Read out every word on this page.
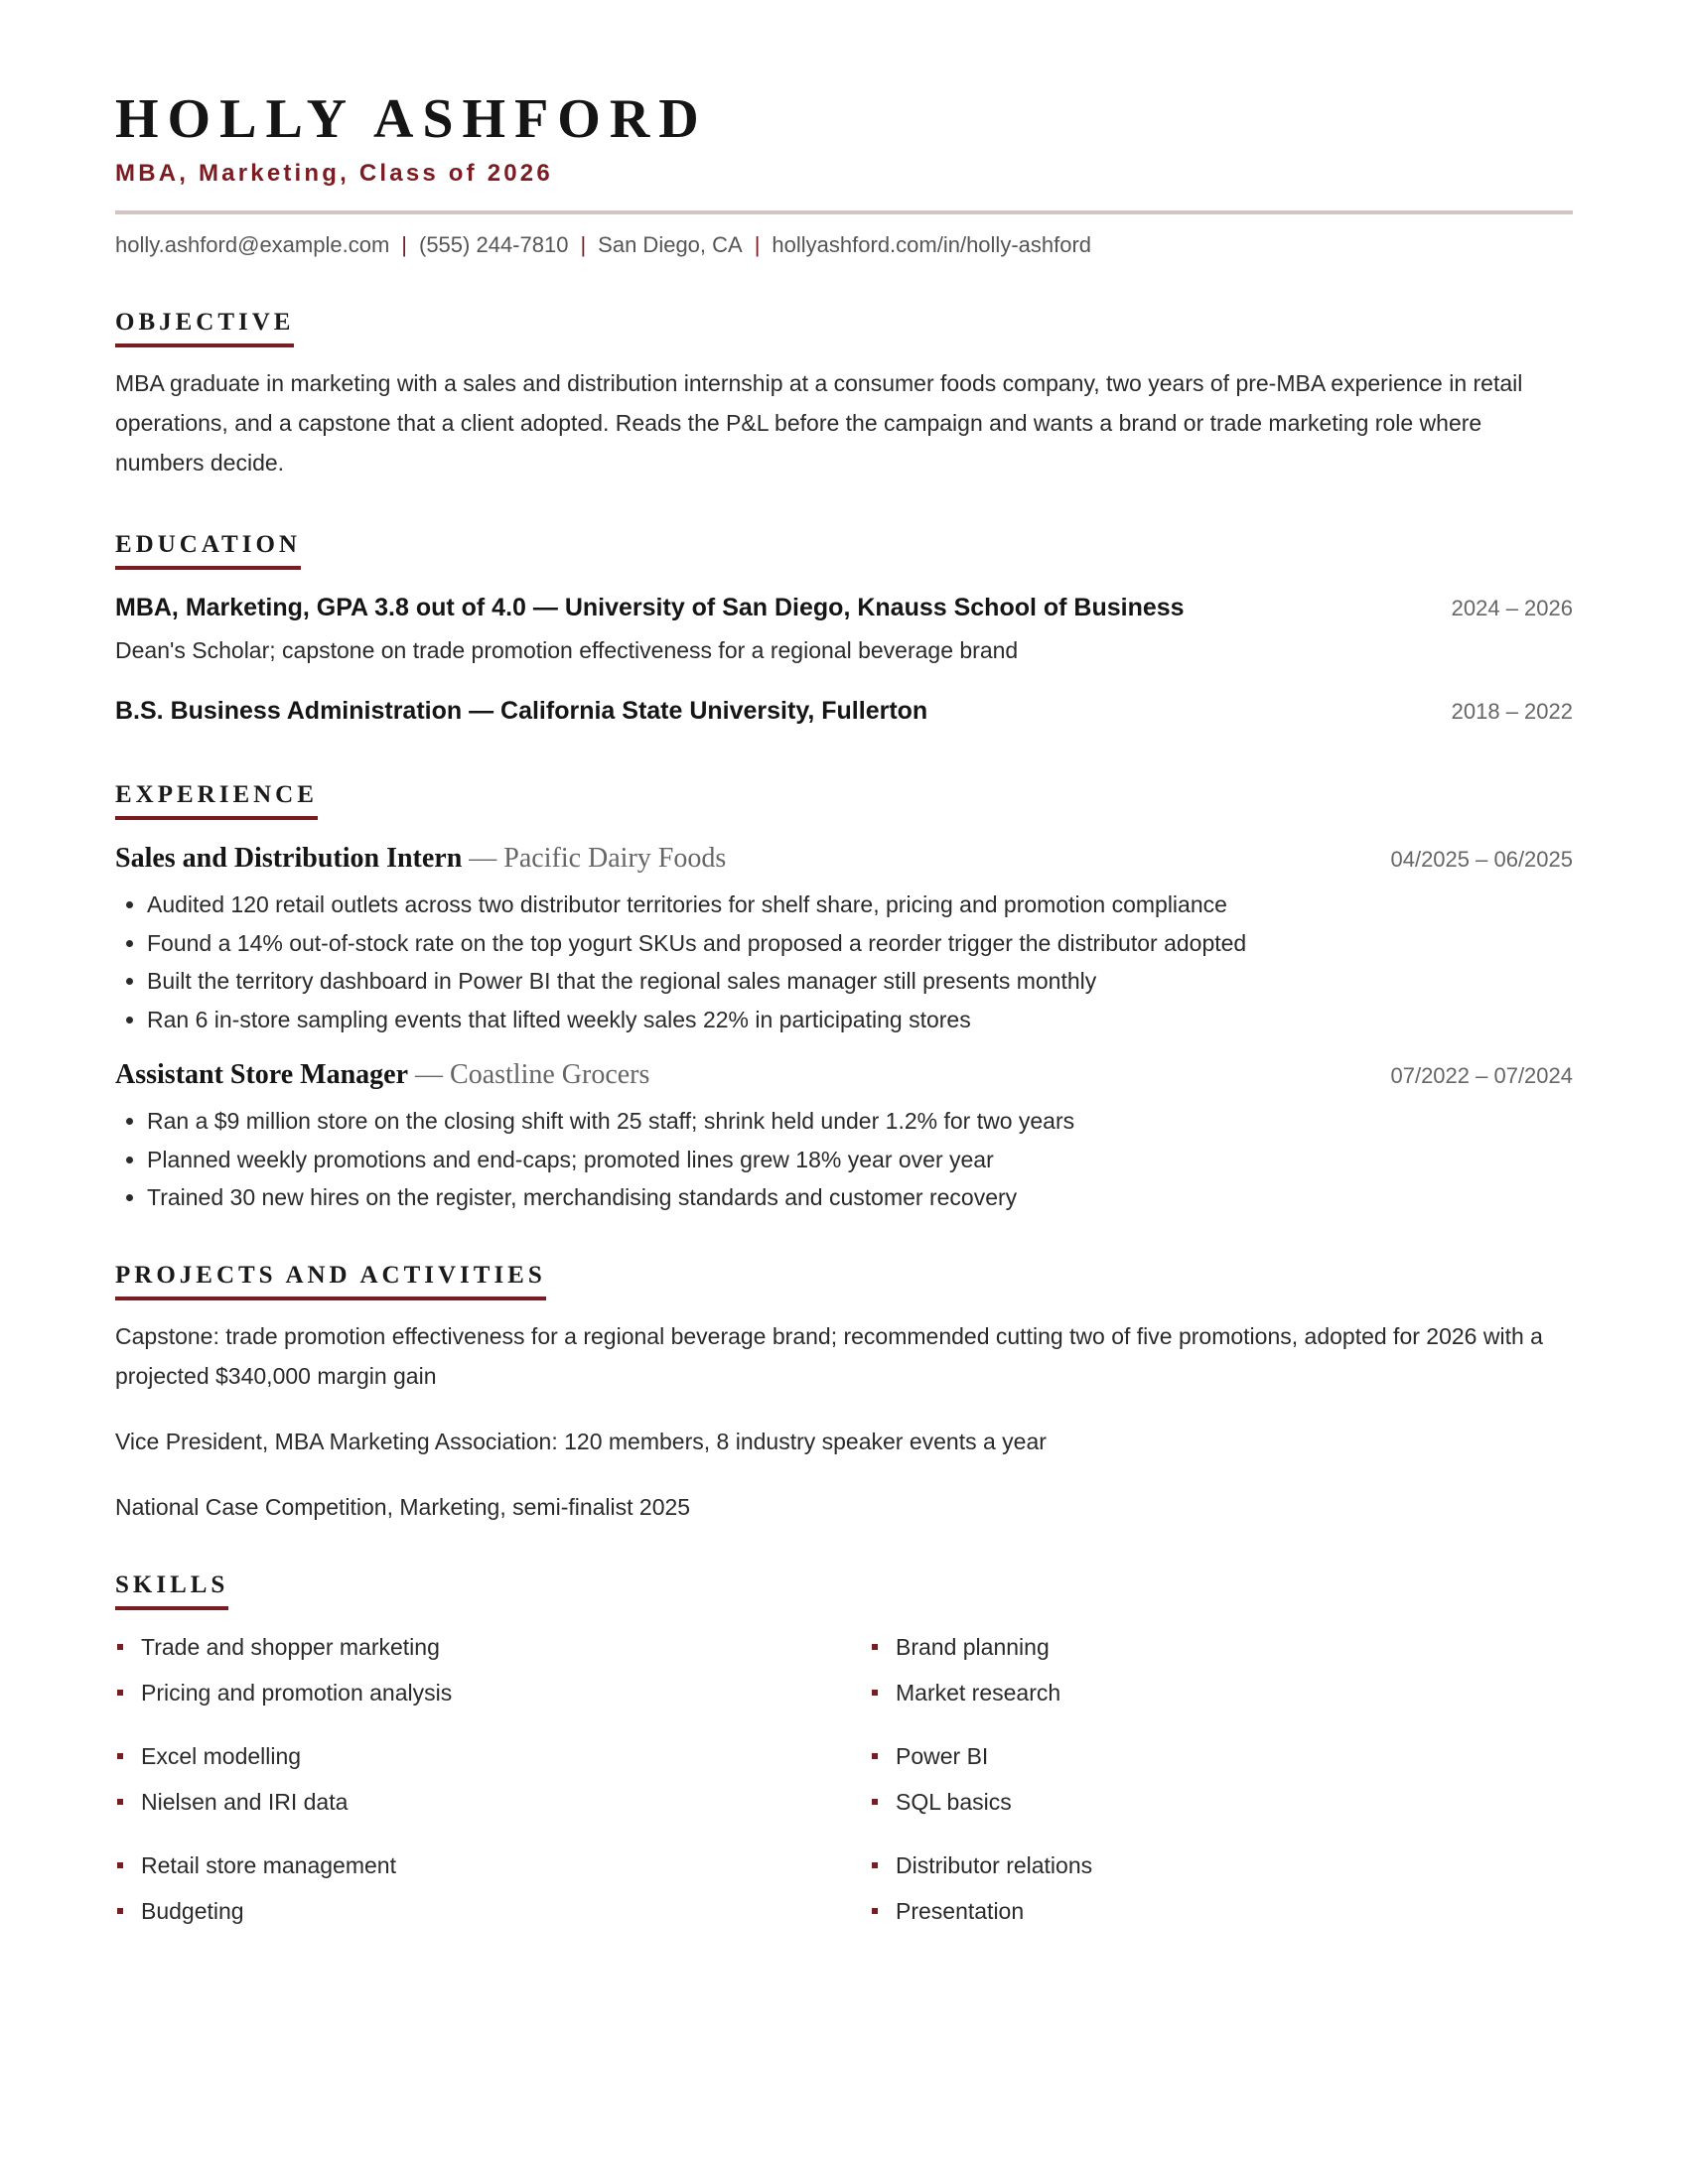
HOLLY ASHFORD
MBA, Marketing, Class of 2026
holly.ashford@example.com | (555) 244-7810 | San Diego, CA | hollyashford.com/in/holly-ashford
OBJECTIVE
MBA graduate in marketing with a sales and distribution internship at a consumer foods company, two years of pre-MBA experience in retail operations, and a capstone that a client adopted. Reads the P&L before the campaign and wants a brand or trade marketing role where numbers decide.
EDUCATION
MBA, Marketing, GPA 3.8 out of 4.0 — University of San Diego, Knauss School of Business	2024 – 2026
Dean's Scholar; capstone on trade promotion effectiveness for a regional beverage brand
B.S. Business Administration — California State University, Fullerton	2018 – 2022
EXPERIENCE
Sales and Distribution Intern — Pacific Dairy Foods	04/2025 – 06/2025
• Audited 120 retail outlets across two distributor territories for shelf share, pricing and promotion compliance
• Found a 14% out-of-stock rate on the top yogurt SKUs and proposed a reorder trigger the distributor adopted
• Built the territory dashboard in Power BI that the regional sales manager still presents monthly
• Ran 6 in-store sampling events that lifted weekly sales 22% in participating stores
Assistant Store Manager — Coastline Grocers	07/2022 – 07/2024
• Ran a $9 million store on the closing shift with 25 staff; shrink held under 1.2% for two years
• Planned weekly promotions and end-caps; promoted lines grew 18% year over year
• Trained 30 new hires on the register, merchandising standards and customer recovery
PROJECTS AND ACTIVITIES
Capstone: trade promotion effectiveness for a regional beverage brand; recommended cutting two of five promotions, adopted for 2026 with a projected $340,000 margin gain
Vice President, MBA Marketing Association: 120 members, 8 industry speaker events a year
National Case Competition, Marketing, semi-finalist 2025
SKILLS
Trade and shopper marketing
Pricing and promotion analysis
Excel modelling
Nielsen and IRI data
Retail store management
Budgeting
Brand planning
Market research
Power BI
SQL basics
Distributor relations
Presentation
